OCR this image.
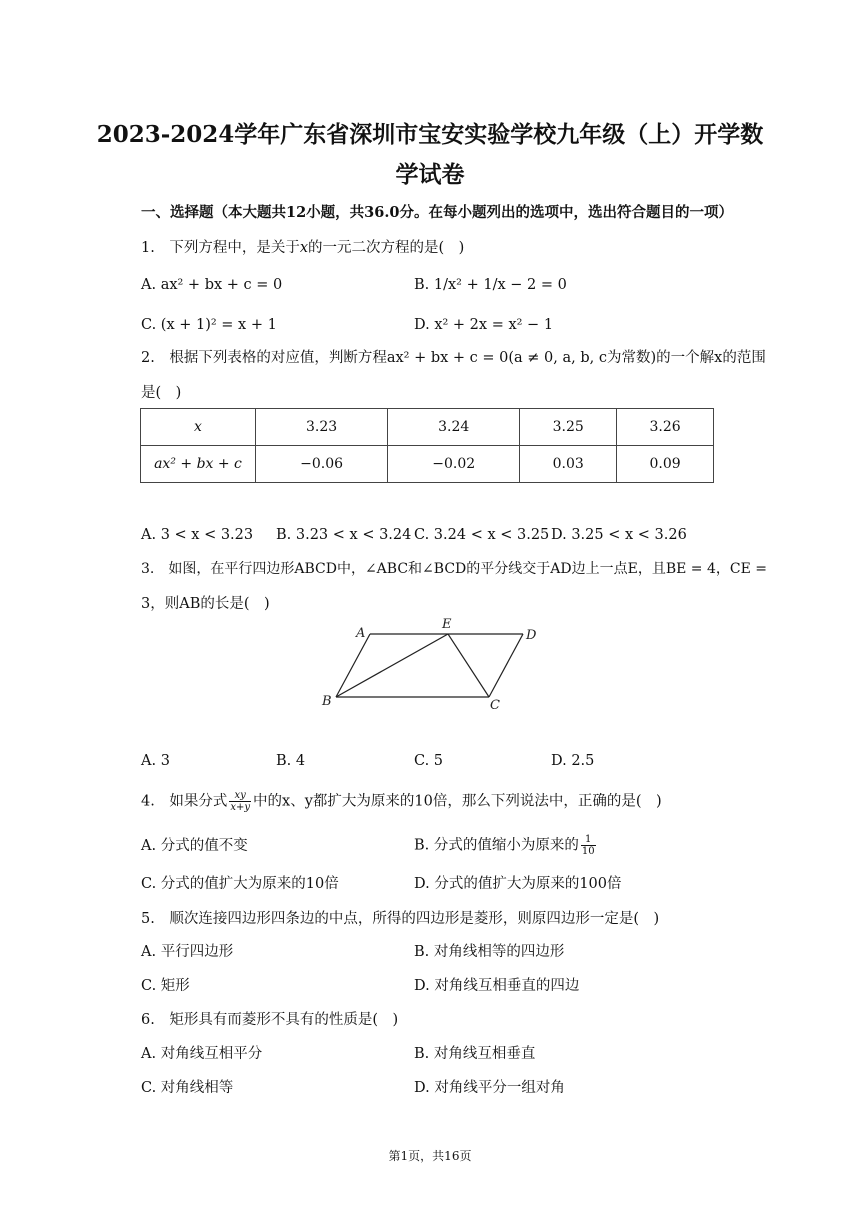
2023-2024学年广东省深圳市宝安实验学校九年级（上）开学数
学试卷
一、选择题（本大题共12小题，共36.0分。在每小题列出的选项中，选出符合题目的一项）
1.　下列方程中，是关于x的一元二次方程的是(　)
A. ax² + bx + c = 0	B. 1/x² + 1/x − 2 = 0
C. (x + 1)² = x + 1	D. x² + 2x = x² − 1
2.　根据下列表格的对应值，判断方程ax² + bx + c = 0(a ≠ 0, a, b, c为常数)的一个解x的范围
是(　)
x	3.23	3.24	3.25	3.26
ax² + bx + c	−0.06	−0.02	0.03	0.09
A. 3 < x < 3.23 B. 3.23 < x < 3.24 C. 3.24 < x < 3.25 D. 3.25 < x < 3.26
3.　如图，在平行四边形ABCD中，∠ABC和∠BCD的平分线交于AD边上一点E，且BE = 4，CE =
3，则AB的长是(　)
A
E
D
B	C
A. 3	B. 4	C. 5	D. 2.5
4.　如果分式 $\frac{xy}{x+y}$ 中的x、y都扩大为原来的10倍，那么下列说法中，正确的是(　)
A. 分式的值不变	B. 分式的值缩小为原来的 $\frac{1}{10}$
C. 分式的值扩大为原来的10倍	D. 分式的值扩大为原来的100倍
5.　顺次连接四边形四条边的中点，所得的四边形是菱形，则原四边形一定是(　)
A. 平行四边形	B. 对角线相等的四边形
C. 矩形	D. 对角线互相垂直的四边
6.　矩形具有而菱形不具有的性质是(　)
A. 对角线互相平分	B. 对角线互相垂直
C. 对角线相等	D. 对角线平分一组对角
第1页，共16页
